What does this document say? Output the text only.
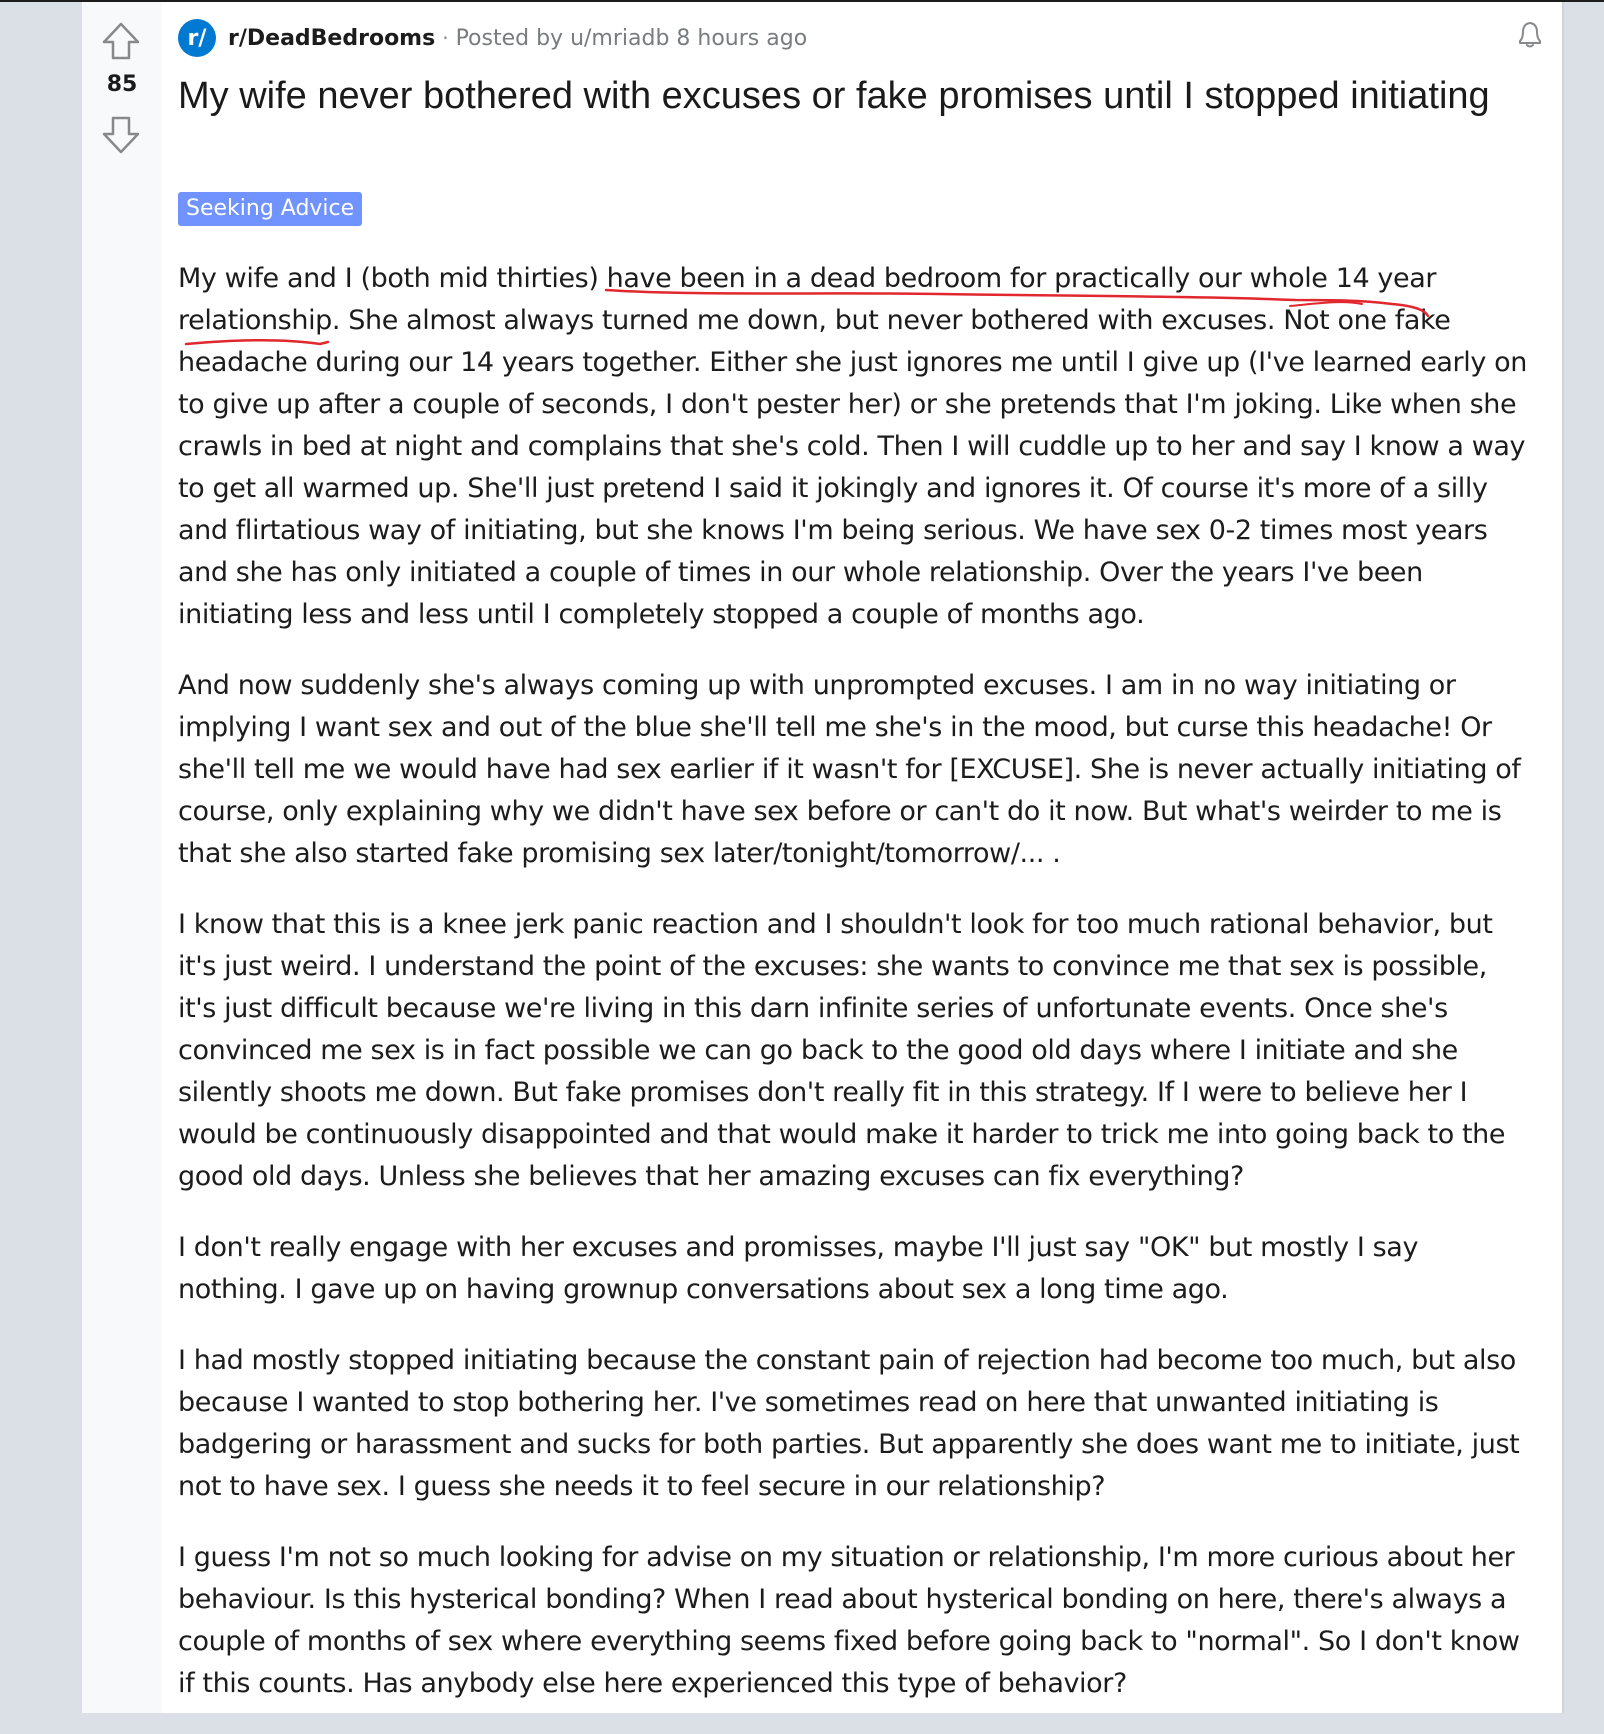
85
r/ r/DeadBedrooms · Posted by u/mriadb 8 hours ago
My wife never bothered with excuses or fake promises until I stopped initiating
Seeking Advice

My wife and I (both mid thirties) have been in a dead bedroom for practically our whole 14 year relationship. She almost always turned me down, but never bothered with excuses. Not one fake headache during our 14 years together. Either she just ignores me until I give up (I've learned early on to give up after a couple of seconds, I don't pester her) or she pretends that I'm joking. Like when she crawls in bed at night and complains that she's cold. Then I will cuddle up to her and say I know a way to get all warmed up. She'll just pretend I said it jokingly and ignores it. Of course it's more of a silly and flirtatious way of initiating, but she knows I'm being serious. We have sex 0-2 times most years and she has only initiated a couple of times in our whole relationship. Over the years I've been initiating less and less until I completely stopped a couple of months ago.

And now suddenly she's always coming up with unprompted excuses. I am in no way initiating or implying I want sex and out of the blue she'll tell me she's in the mood, but curse this headache! Or she'll tell me we would have had sex earlier if it wasn't for [EXCUSE]. She is never actually initiating of course, only explaining why we didn't have sex before or can't do it now. But what's weirder to me is that she also started fake promising sex later/tonight/tomorrow/... .

I know that this is a knee jerk panic reaction and I shouldn't look for too much rational behavior, but it's just weird. I understand the point of the excuses: she wants to convince me that sex is possible, it's just difficult because we're living in this darn infinite series of unfortunate events. Once she's convinced me sex is in fact possible we can go back to the good old days where I initiate and she silently shoots me down. But fake promises don't really fit in this strategy. If I were to believe her I would be continuously disappointed and that would make it harder to trick me into going back to the good old days. Unless she believes that her amazing excuses can fix everything?

I don't really engage with her excuses and promisses, maybe I'll just say "OK" but mostly I say nothing. I gave up on having grownup conversations about sex a long time ago.

I had mostly stopped initiating because the constant pain of rejection had become too much, but also because I wanted to stop bothering her. I've sometimes read on here that unwanted initiating is badgering or harassment and sucks for both parties. But apparently she does want me to initiate, just not to have sex. I guess she needs it to feel secure in our relationship?

I guess I'm not so much looking for advise on my situation or relationship, I'm more curious about her behaviour. Is this hysterical bonding? When I read about hysterical bonding on here, there's always a couple of months of sex where everything seems fixed before going back to "normal". So I don't know if this counts. Has anybody else here experienced this type of behavior?
